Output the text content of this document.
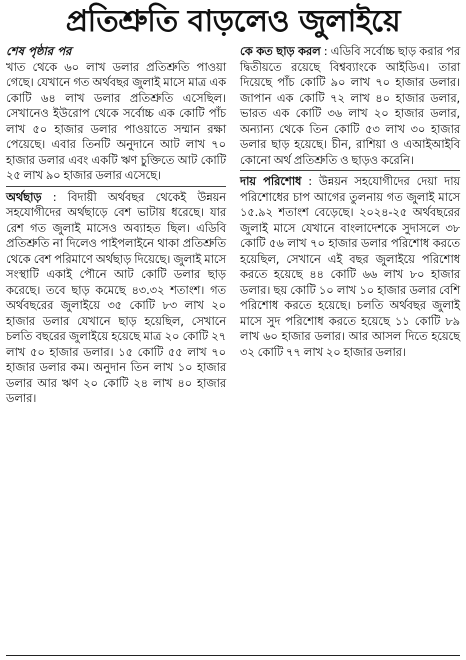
প্রতিশ্রুতি বাড়লেও জুলাইয়ে
শেষ পৃষ্ঠার পর

খাত থেকে ৬০ লাখ ডলার প্রতিশ্রুতি পাওয়া গেছে। যেখানে গত অর্থবছর জুলাই মাসে মাত্র এক কোটি ৬৪ লাখ ডলার প্রতিশ্রুতি এসেছিল। সেখানেও ইউরোপ থেকে সর্বোচ্চ এক কোটি পাঁচ লাখ ৫০ হাজার ডলার পাওয়াতে সম্মান রক্ষা পেয়েছে। এবার তিনটি অনুদানে আট লাখ ৭০ হাজার ডলার এবং একটি ঋণ চুক্তিতে আট কোটি ২৫ লাখ ৯০ হাজার ডলার এসেছে।

অর্থছাড় : বিদায়ী অর্থবছর থেকেই উন্নয়ন সহযোগীদের অর্থছাড়ে বেশ ভাটায় ধরেছে। যার রেশ গত জুলাই মাসেও অব্যাহত ছিল। এডিবি প্রতিশ্রুতি না দিলেও পাইপলাইনে থাকা প্রতিশ্রুতি থেকে বেশ পরিমাণে অর্থছাড় দিয়েছে। জুলাই মাসে সংস্থাটি একাই পৌনে আট কোটি ডলার ছাড় করেছে। তবে ছাড় কমেছে ৪৩.৩২ শতাংশ। গত অর্থবছরের জুলাইয়ে ৩৫ কোটি ৮৩ লাখ ২০ হাজার ডলার যেখানে ছাড় হয়েছিল, সেখানে চলতি বছরের জুলাইয়ে হয়েছে মাত্র ২০ কোটি ২৭ লাখ ৫০ হাজার ডলার। ১৫ কোটি ৫৫ লাখ ৭০ হাজার ডলার কম। অনুদান তিন লাখ ১০ হাজার ডলার আর ঋণ ২০ কোটি ২৪ লাখ ৪০ হাজার ডলার।

কে কত ছাড় করল : এডিবি সর্বোচ্চ ছাড় করার পর দ্বিতীয়তে রয়েছে বিশ্বব্যাংকে আইডিএ। তারা দিয়েছে পাঁচ কোটি ৯০ লাখ ৭০ হাজার ডলার। জাপান এক কোটি ৭২ লাখ ৪০ হাজার ডলার, ভারত এক কোটি ৩৬ লাখ ২০ হাজার ডলার, অন্যান্য থেকে তিন কোটি ৫৩ লাখ ৩০ হাজার ডলার ছাড় হয়েছে। চীন, রাশিয়া ও এআইআইবি কোনো অর্থ প্রতিশ্রুতি ও ছাড়ও করেনি।

দায় পরিশোধ : উন্নয়ন সহযোগীদের দেয়া দায় পরিশোধের চাপ আগের তুলনায় গত জুলাই মাসে ১৫.৯২ শতাংশ বেড়েছে। ২০২৪-২৫ অর্থবছরের জুলাই মাসে যেখানে বাংলাদেশকে সুদাসলে ৩৮ কোটি ৫৬ লাখ ৭০ হাজার ডলার পরিশোধ করতে হয়েছিল, সেখানে এই বছর জুলাইয়ে পরিশোধ করতে হয়েছে ৪৪ কোটি ৬৬ লাখ ৮০ হাজার ডলার। ছয় কোটি ১০ লাখ ১০ হাজার ডলার বেশি পরিশোধ করতে হয়েছে। চলতি অর্থবছর জুলাই মাসে সুদ পরিশোধ করতে হয়েছে ১১ কোটি ৮৯ লাখ ৬০ হাজার ডলার। আর আসল দিতে হয়েছে ৩২ কোটি ৭৭ লাখ ২০ হাজার ডলার।
